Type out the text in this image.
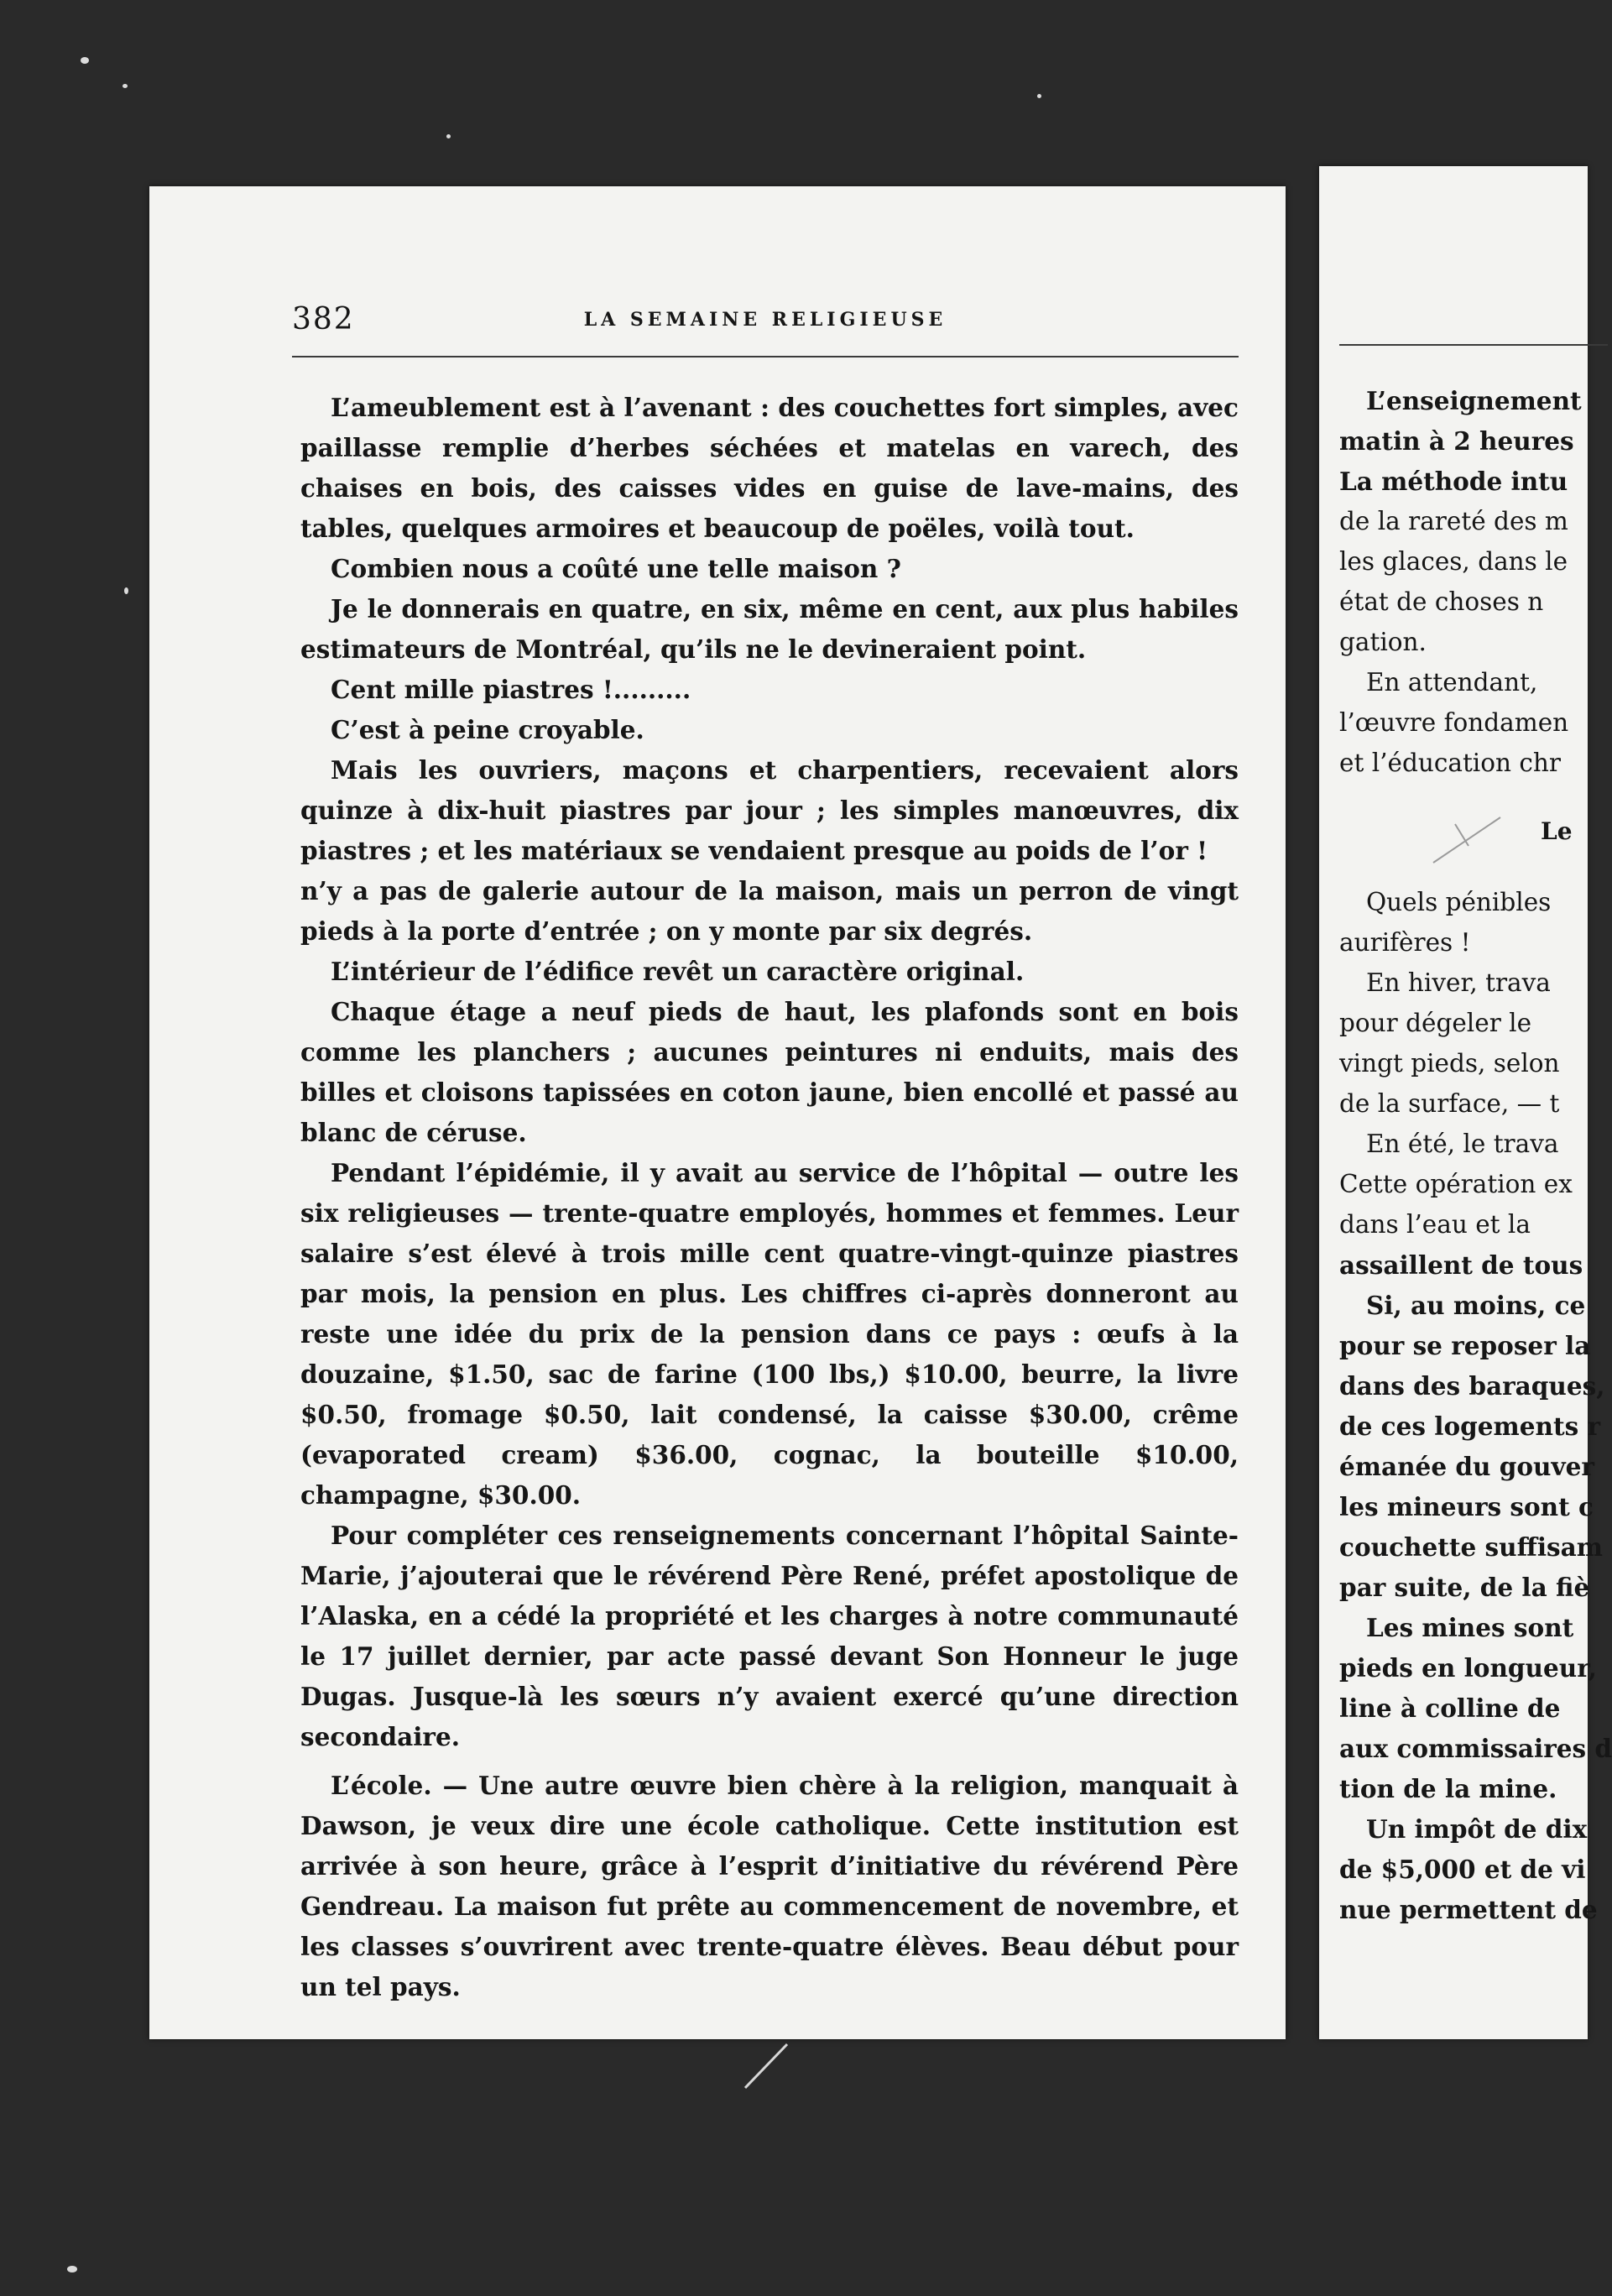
382	LA SEMAINE RELIGIEUSE

L’ameublement est à l’avenant : des couchettes fort simples, avec paillasse remplie d’herbes séchées et matelas en varech, des chaises en bois, des caisses vides en guise de lave-mains, des tables, quelques armoires et beaucoup de poëles, voilà tout.

Combien nous a coûté une telle maison ?

Je le donnerais en quatre, en six, même en cent, aux plus habiles estimateurs de Montréal, qu’ils ne le devineraient point.

Cent mille piastres !.........

C’est à peine croyable.

Mais les ouvriers, maçons et charpentiers, recevaient alors quinze à dix-huit piastres par jour ; les simples manœuvres, dix piastres ; et les matériaux se vendaient presque au poids de l’or !

n’y a pas de galerie autour de la maison, mais un perron de vingt pieds à la porte d’entrée ; on y monte par six degrés.

L’intérieur de l’édifice revêt un caractère original.

Chaque étage a neuf pieds de haut, les plafonds sont en bois comme les planchers ; aucunes peintures ni enduits, mais des billes et cloisons tapissées en coton jaune, bien encollé et passé au blanc de céruse.

Pendant l’épidémie, il y avait au service de l’hôpital — outre les six religieuses — trente-quatre employés, hommes et femmes. Leur salaire s’est élevé à trois mille cent quatre-vingt-quinze piastres par mois, la pension en plus. Les chiffres ci-après donneront au reste une idée du prix de la pension dans ce pays : œufs à la douzaine, $1.50, sac de farine (100 lbs,) $10.00, beurre, la livre $0.50, fromage $0.50, lait condensé, la caisse $30.00, crême (evaporated cream) $36.00, cognac, la bouteille $10.00, champagne, $30.00.

Pour compléter ces renseignements concernant l’hôpital Sainte-Marie, j’ajouterai que le révérend Père René, préfet apostolique de l’Alaska, en a cédé la propriété et les charges à notre communauté le 17 juillet dernier, par acte passé devant Son Honneur le juge Dugas. Jusque-là les sœurs n’y avaient exercé qu’une direction secondaire.

L’école. — Une autre œuvre bien chère à la religion, manquait à Dawson, je veux dire une école catholique. Cette institution est arrivée à son heure, grâce à l’esprit d’initiative du révérend Père Gendreau. La maison fut prête au commencement de novembre, et les classes s’ouvrirent avec trente-quatre élèves. Beau début pour un tel pays.

L’enseignement
matin à 2 heures
La méthode intu
de la rareté des m
les glaces, dans le
état de choses n
gation.
En attendant,
l’œuvre fondamen
et l’éducation chr
Le
Quels pénibles
aurifères !
En hiver, trava
pour dégeler le
vingt pieds, selon
de la surface, — t
En été, le trava
Cette opération ex
dans l’eau et la
assaillent de tous
Si, au moins, ce
pour se reposer la
dans des baraques,
de ces logements r
émanée du gouver
les mineurs sont c
couchette suffisam
par suite, de la fiè
Les mines sont
pieds en longueur,
line à colline de
aux commissaires d
tion de la mine.
Un impôt de dix
de $5,000 et de vi
nue permettent de
